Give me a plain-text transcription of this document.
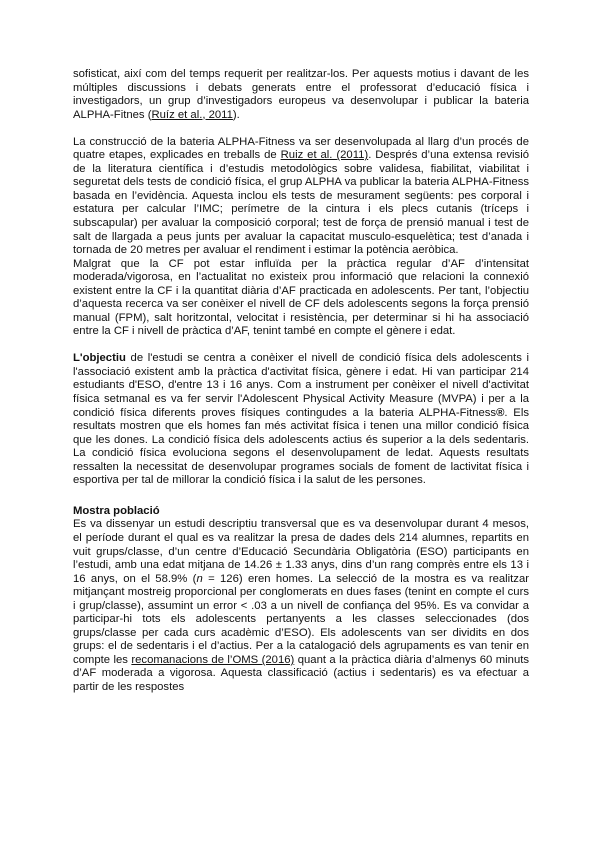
sofisticat, així com del temps requerit per realitzar-los. Per aquests motius i davant de les múltiples discussions i debats generats entre el professorat d’educació física i investigadors, un grup d’investigadors europeus va desenvolupar i publicar la bateria ALPHA-Fitnes (Ruíz et al., 2011).

La construcció de la bateria ALPHA-Fitness va ser desenvolupada al llarg d’un procés de quatre etapes, explicades en treballs de Ruiz et al. (2011). Després d’una extensa revisió de la literatura científica i d’estudis metodològics sobre validesa, fiabilitat, viabilitat i seguretat dels tests de condició física, el grup ALPHA va publicar la bateria ALPHA-Fitness basada en l’evidència. Aquesta inclou els tests de mesurament següents: pes corporal i estatura per calcular l’IMC; perímetre de la cintura i els plecs cutanis (tríceps i subscapular) per avaluar la composició corporal; test de força de prensió manual i test de salt de llargada a peus junts per avaluar la capacitat musculo-esquelètica; test d’anada i tornada de 20 metres per avaluar el rendiment i estimar la potència aeròbica.

Malgrat que la CF pot estar influïda per la pràctica regular d’AF d’intensitat moderada/vigorosa, en l’actualitat no existeix prou informació que relacioni la connexió existent entre la CF i la quantitat diària d’AF practicada en adolescents. Per tant, l’objectiu d’aquesta recerca va ser conèixer el nivell de CF dels adolescents segons la força prensió manual (FPM), salt horitzontal, velocitat i resistència, per determinar si hi ha associació entre la CF i nivell de pràctica d’AF, tenint també en compte el gènere i edat.

L'objectiu de l'estudi se centra a conèixer el nivell de condició física dels adolescents i l'associació existent amb la pràctica d'activitat física, gènere i edat. Hi van participar 214 estudiants d'ESO, d'entre 13 i 16 anys. Com a instrument per conèixer el nivell d'activitat física setmanal es va fer servir l'Adolescent Physical Activity Measure (MVPA) i per a la condició física diferents proves físiques contingudes a la bateria ALPHA-Fitness®. Els resultats mostren que els homes fan més activitat física i tenen una millor condició física que les dones. La condició física dels adolescents actius és superior a la dels sedentaris. La condició física evoluciona segons el desenvolupament de ledat. Aquests resultats ressalten la necessitat de desenvolupar programes socials de foment de lactivitat física i esportiva per tal de millorar la condició física i la salut de les persones.

Mostra població

Es va dissenyar un estudi descriptiu transversal que es va desenvolupar durant 4 mesos, el període durant el qual es va realitzar la presa de dades dels 214 alumnes, repartits en vuit grups/classe, d’un centre d’Educació Secundària Obligatòria (ESO) participants en l’estudi, amb una edat mitjana de 14.26 ± 1.33 anys, dins d’un rang comprès entre els 13 i 16 anys, on el 58.9% (n = 126) eren homes. La selecció de la mostra es va realitzar mitjançant mostreig proporcional per conglomerats en dues fases (tenint en compte el curs i grup/classe), assumint un error < .03 a un nivell de confiança del 95%. Es va convidar a participar-hi tots els adolescents pertanyents a les classes seleccionades (dos grups/classe per cada curs acadèmic d’ESO). Els adolescents van ser dividits en dos grups: el de sedentaris i el d’actius. Per a la catalogació dels agrupaments es van tenir en compte les recomanacions de l’OMS (2016) quant a la pràctica diària d’almenys 60 minuts d’AF moderada a vigorosa. Aquesta classificació (actius i sedentaris) es va efectuar a partir de les respostes
